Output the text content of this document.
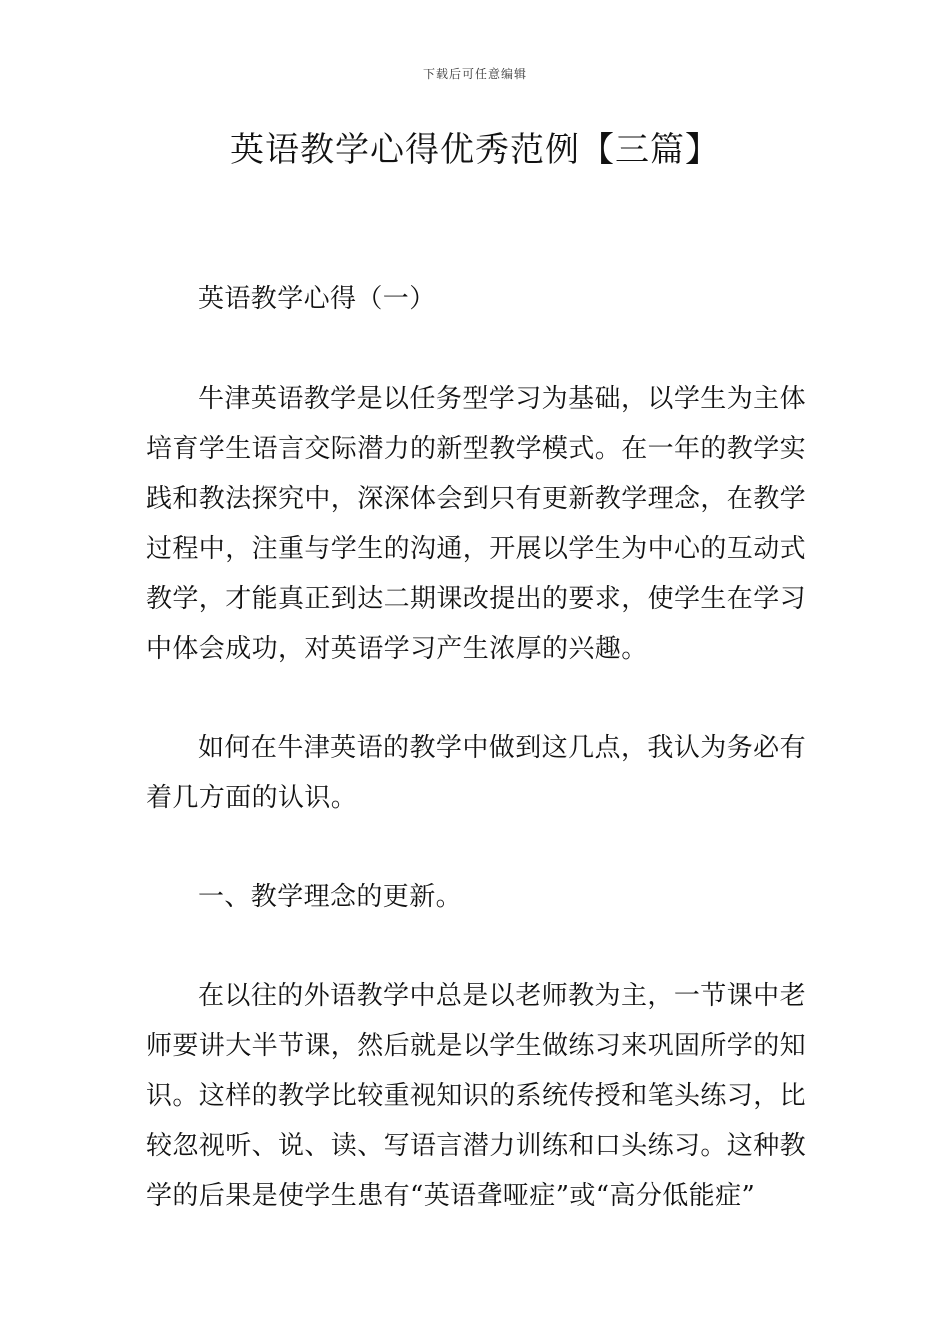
下载后可任意编辑
英语教学心得优秀范例【三篇】

英语教学心得（一）

牛津英语教学是以任务型学习为基础，以学生为主体培育学生语言交际潜力的新型教学模式。在一年的教学实践和教法探究中，深深体会到只有更新教学理念，在教学过程中，注重与学生的沟通，开展以学生为中心的互动式教学，才能真正到达二期课改提出的要求，使学生在学习中体会成功，对英语学习产生浓厚的兴趣。

如何在牛津英语的教学中做到这几点，我认为务必有着几方面的认识。

一、教学理念的更新。

在以往的外语教学中总是以老师教为主，一节课中老师要讲大半节课，然后就是以学生做练习来巩固所学的知识。这样的教学比较重视知识的系统传授和笔头练习，比较忽视听、说、读、写语言潜力训练和口头练习。这种教学的后果是使学生患有“英语聋哑症”或“高分低能症”
